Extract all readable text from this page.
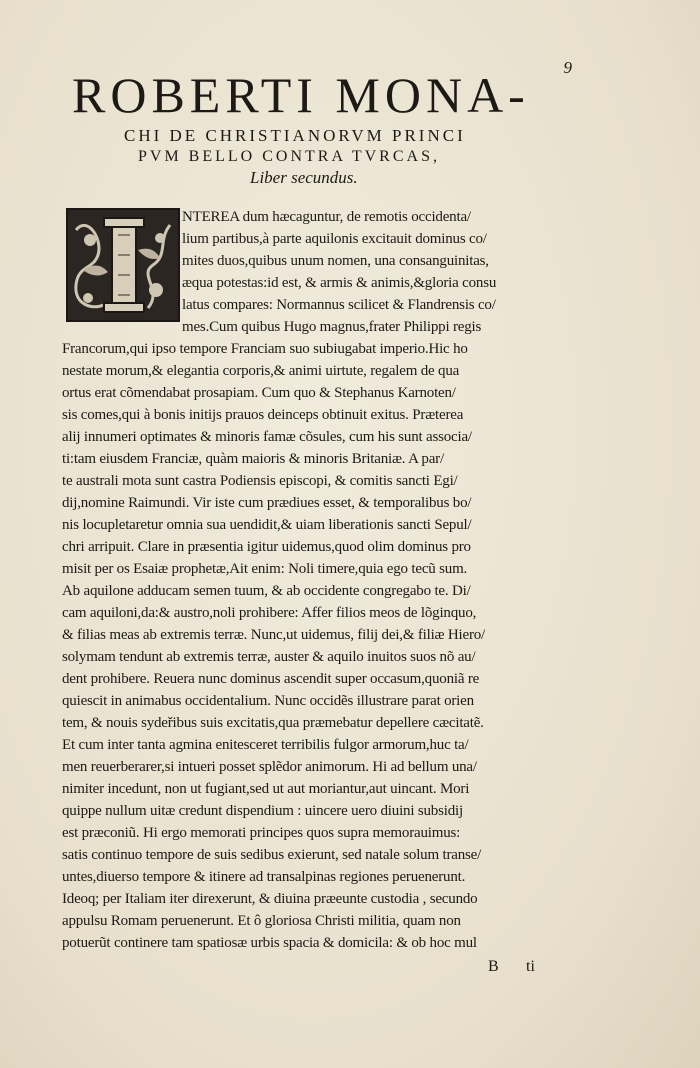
9
ROBERTI MONA-
CHI DE CHRISTIANORVM PRINCI
PVM BELLO CONTRA TVRCAS,
Liber secundus.
NTEREA dum hæcaguntur, de remotis occidenta/
lium partibus,à parte aquilonis excitauit dominus co/
mites duos,quibus unum nomen, una consanguinitas,
æqua potestas:id est, & armis & animis,&gloria consu
latus compares: Normannus scilicet & Flandrensis co/
mes.Cum quibus Hugo magnus,frater Philippi regis
Francorum,qui ipso tempore Franciam suo subiugabat imperio.Hic ho
nestate morum,& elegantia corporis,& animi uirtute, regalem de qua
ortus erat cõmendabat prosapiam. Cum quo & Stephanus Karnoten/
sis comes,qui à bonis initijs prauos deinceps obtinuit exitus. Præterea
alij innumeri optimates & minoris famæ cõsules, cum his sunt associa/
ti:tam eiusdem Franciæ, quàm maioris & minoris Britaniæ. A par/
te australi mota sunt castra Podiensis episcopi, & comitis sancti Egi/
dij,nomine Raimundi. Vir iste cum prædiues esset, & temporalibus bo/
nis locupletaretur omnia sua uendidit,& uiam liberationis sancti Sepul/
chri arripuit. Clare in præsentia igitur uidemus,quod olim dominus pro
misit per os Esaiæ prophetæ,Ait enim: Noli timere,quia ego tecũ sum.
Ab aquilone adducam semen tuum, & ab occidente congregabo te. Di/
cam aquiloni,da:& austro,noli prohibere: Affer filios meos de lõginquo,
& filias meas ab extremis terræ. Nunc,ut uidemus, filij dei,& filiæ Hiero/
solymam tendunt ab extremis terræ, auster & aquilo inuitos suos nõ au/
dent prohibere. Reuera nunc dominus ascendit super occasum,quoniã re
quiescit in animabus occidentalium. Nunc occidẽs illustrare parat orien
tem, & nouis sydeřibus suis excitatis,qua præmebatur depellere cæcitatẽ.
Et cum inter tanta agmina enitesceret terribilis fulgor armorum,huc ta/
men reuerberarer,si intueri posset splẽdor animorum. Hi ad bellum una/
nimiter incedunt, non ut fugiant,sed ut aut moriantur,aut uincant. Mori
quippe nullum uitæ credunt dispendium : uincere uero diuini subsidij
est præconiũ. Hi ergo memorati principes quos supra memorauimus:
satis continuo tempore de suis sedibus exierunt, sed natale solum transe/
untes,diuerso tempore & itinere ad transalpinas regiones peruenerunt.
Ideoq; per Italiam iter direxerunt, & diuina præeunte custodia , secundo
appulsu Romam peruenerunt. Et ô gloriosa Christi militia, quam non
potuerũt continere tam spatiosæ urbis spacia & domicila: & ob hoc mul
B ti
